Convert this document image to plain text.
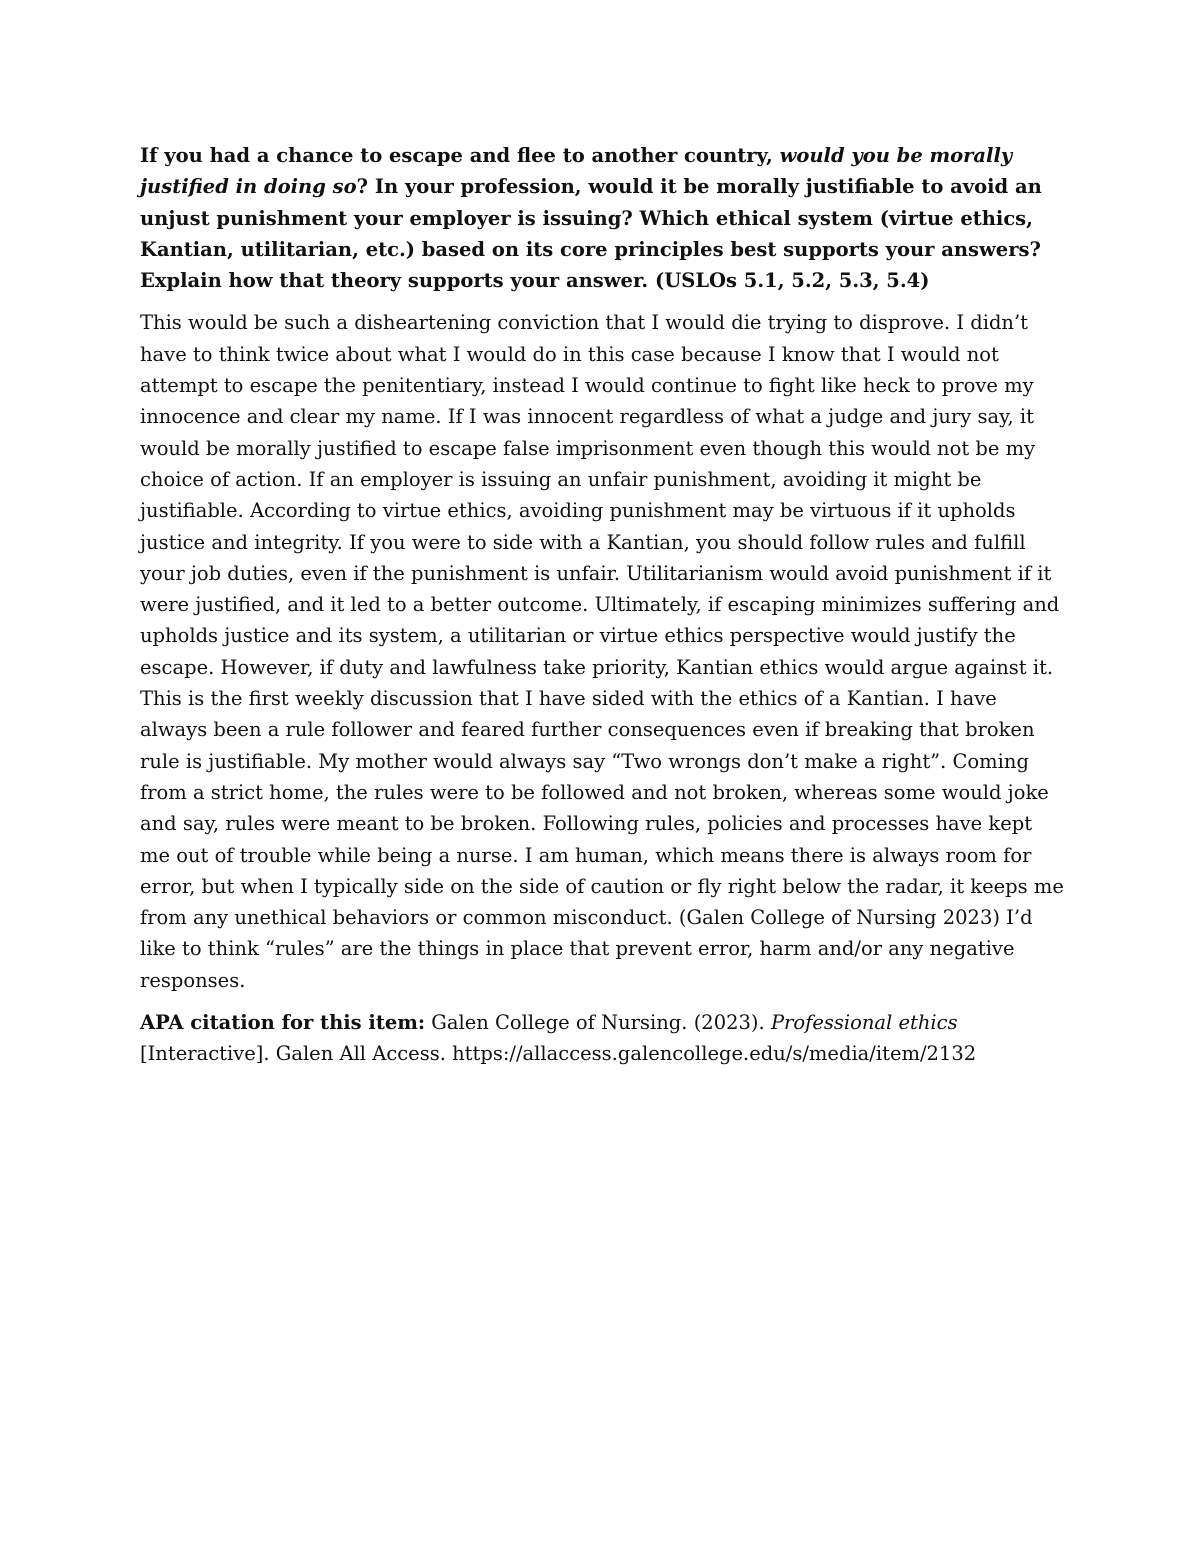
If you had a chance to escape and flee to another country, would you be morally justified in doing so? In your profession, would it be morally justifiable to avoid an unjust punishment your employer is issuing? Which ethical system (virtue ethics, Kantian, utilitarian, etc.) based on its core principles best supports your answers? Explain how that theory supports your answer. (USLOs 5.1, 5.2, 5.3, 5.4)

This would be such a disheartening conviction that I would die trying to disprove. I didn’t have to think twice about what I would do in this case because I know that I would not attempt to escape the penitentiary, instead I would continue to fight like heck to prove my innocence and clear my name. If I was innocent regardless of what a judge and jury say, it would be morally justified to escape false imprisonment even though this would not be my choice of action. If an employer is issuing an unfair punishment, avoiding it might be justifiable. According to virtue ethics, avoiding punishment may be virtuous if it upholds justice and integrity. If you were to side with a Kantian, you should follow rules and fulfill your job duties, even if the punishment is unfair. Utilitarianism would avoid punishment if it were justified, and it led to a better outcome. Ultimately, if escaping minimizes suffering and upholds justice and its system, a utilitarian or virtue ethics perspective would justify the escape. However, if duty and lawfulness take priority, Kantian ethics would argue against it. This is the first weekly discussion that I have sided with the ethics of a Kantian. I have always been a rule follower and feared further consequences even if breaking that broken rule is justifiable. My mother would always say “Two wrongs don’t make a right”. Coming from a strict home, the rules were to be followed and not broken, whereas some would joke and say, rules were meant to be broken. Following rules, policies and processes have kept me out of trouble while being a nurse. I am human, which means there is always room for error, but when I typically side on the side of caution or fly right below the radar, it keeps me from any unethical behaviors or common misconduct. (Galen College of Nursing 2023) I’d like to think “rules” are the things in place that prevent error, harm and/or any negative responses.

APA citation for this item: Galen College of Nursing. (2023). Professional ethics [Interactive]. Galen All Access. https://allaccess.galencollege.edu/s/media/item/2132
